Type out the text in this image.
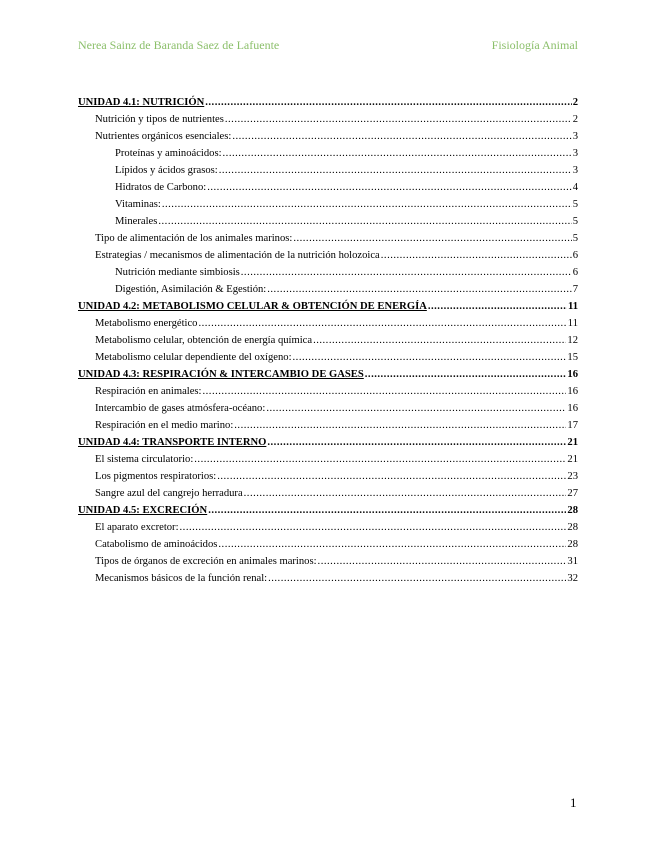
Nerea Sainz de Baranda Saez de Lafuente	Fisiología Animal
UNIDAD 4.1: NUTRICIÓN .....	2
Nutrición y tipos de nutrientes .....	2
Nutrientes orgánicos esenciales: .....	3
Proteínas y aminoácidos: .....	3
Lípidos y ácidos grasos: .....	3
Hidratos de Carbono: .....	4
Vitaminas: .....	5
Minerales .....	5
Tipo de alimentación de los animales marinos: .....	5
Estrategias / mecanismos de alimentación de la nutrición holozoica .....	6
Nutrición mediante simbiosis .....	6
Digestión, Asimilación & Egestión: .....	7
UNIDAD 4.2: METABOLISMO CELULAR & OBTENCIÓN DE ENERGÍA .....	11
Metabolismo energético .....	11
Metabolismo celular, obtención de energía química .....	12
Metabolismo celular dependiente del oxígeno: .....	15
UNIDAD 4.3: RESPIRACIÓN & INTERCAMBIO DE GASES .....	16
Respiración en animales: .....	16
Intercambio de gases atmósfera-océano: .....	16
Respiración en el medio marino: .....	17
UNIDAD 4.4: TRANSPORTE INTERNO .....	21
El sistema circulatorio: .....	21
Los pigmentos respiratorios: .....	23
Sangre azul del cangrejo herradura .....	27
UNIDAD 4.5: EXCRECIÓN .....	28
El aparato excretor: .....	28
Catabolismo de aminoácidos .....	28
Tipos de órganos de excreción en animales marinos: .....	31
Mecanismos básicos de la función renal: .....	32
1
